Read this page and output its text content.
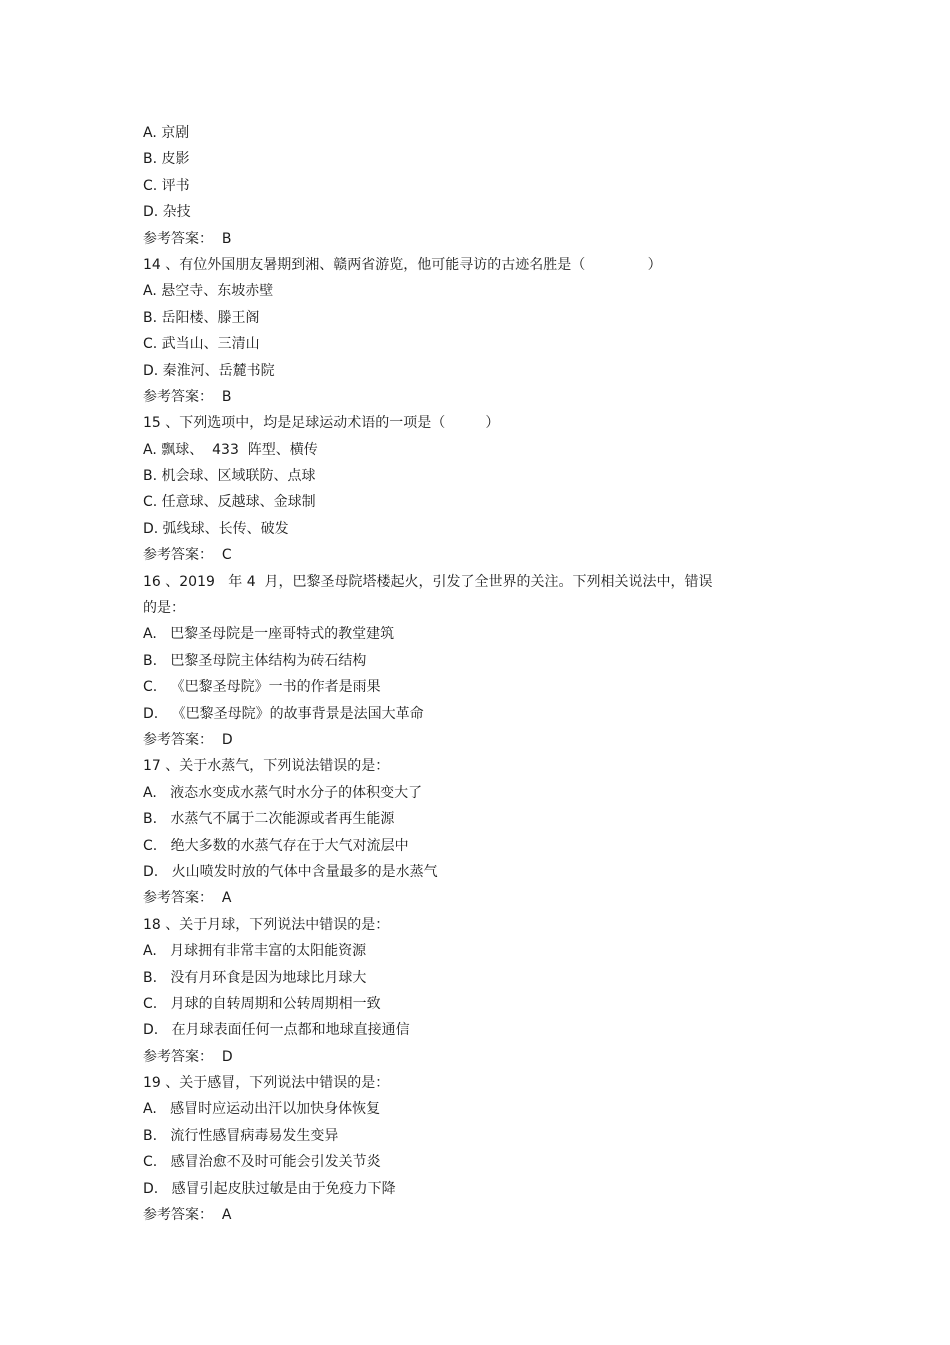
A. 京剧
B. 皮影
C. 评书
D. 杂技
参考答案：  B
14 、有位外国朋友暑期到湘、赣两省游览，他可能寻访的古迹名胜是（              ）
A. 悬空寺、东坡赤壁
B. 岳阳楼、滕王阁
C. 武当山、三清山
D. 秦淮河、岳麓书院
参考答案：  B
15 、下列选项中，均是足球运动术语的一项是（         ）
A. 飘球、  433  阵型、横传
B. 机会球、区域联防、点球
C. 任意球、反越球、金球制
D. 弧线球、长传、破发
参考答案：  C
16 、2019   年 4  月，巴黎圣母院塔楼起火，引发了全世界的关注。下列相关说法中，错误
的是：
A.   巴黎圣母院是一座哥特式的教堂建筑
B.   巴黎圣母院主体结构为砖石结构
C.   《巴黎圣母院》一书的作者是雨果
D.   《巴黎圣母院》的故事背景是法国大革命
参考答案：  D
17 、关于水蒸气，下列说法错误的是：
A.   液态水变成水蒸气时水分子的体积变大了
B.   水蒸气不属于二次能源或者再生能源
C.   绝大多数的水蒸气存在于大气对流层中
D.   火山喷发时放的气体中含量最多的是水蒸气
参考答案：  A
18 、关于月球，下列说法中错误的是：
A.   月球拥有非常丰富的太阳能资源
B.   没有月环食是因为地球比月球大
C.   月球的自转周期和公转周期相一致
D.   在月球表面任何一点都和地球直接通信
参考答案：  D
19 、关于感冒，下列说法中错误的是：
A.   感冒时应运动出汗以加快身体恢复
B.   流行性感冒病毒易发生变异
C.   感冒治愈不及时可能会引发关节炎
D.   感冒引起皮肤过敏是由于免疫力下降
参考答案：  A
